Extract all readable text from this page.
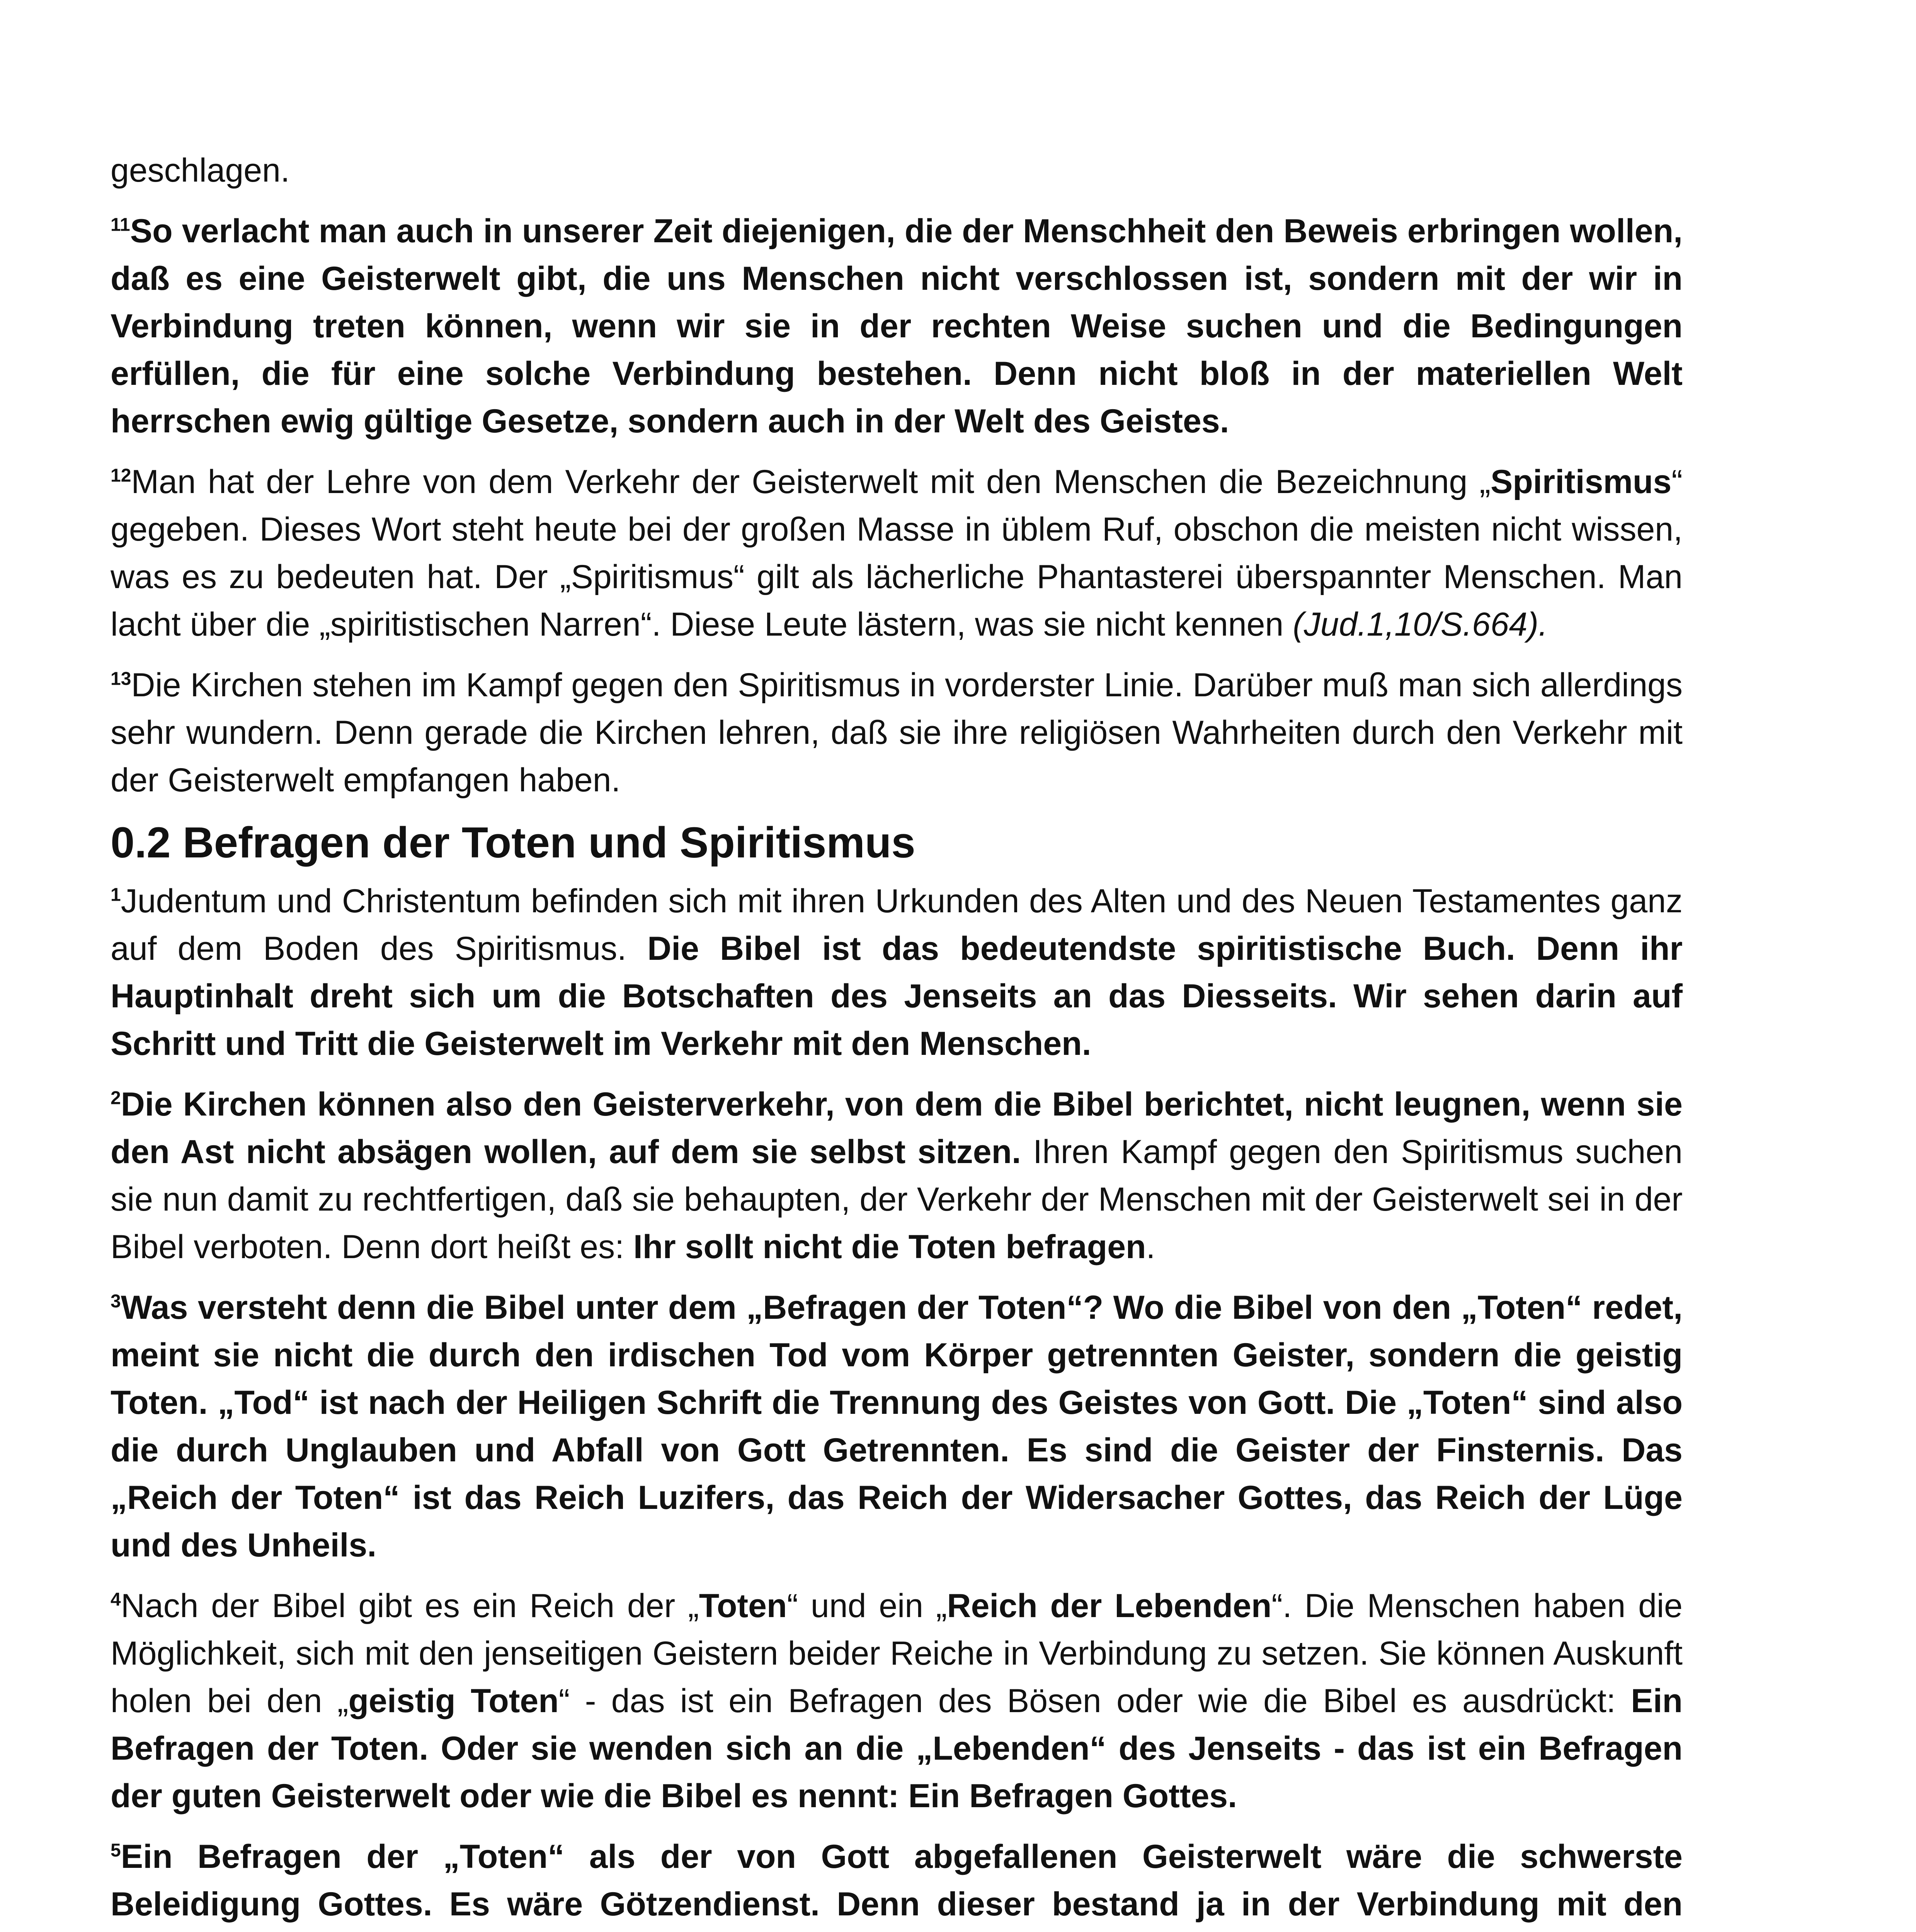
geschlagen.

$^{11}$So verlacht man auch in unserer Zeit diejenigen, die der Menschheit den Beweis erbringen wollen, daß es eine Geisterwelt gibt, die uns Menschen nicht verschlossen ist, sondern mit der wir in Verbindung treten können, wenn wir sie in der rechten Weise suchen und die Bedingungen erfüllen, die für eine solche Verbindung bestehen. Denn nicht bloß in der materiellen Welt herrschen ewig gültige Gesetze, sondern auch in der Welt des Geistes.

$^{12}$Man hat der Lehre von dem Verkehr der Geisterwelt mit den Menschen die Bezeichnung „Spiritismus“ gegeben. Dieses Wort steht heute bei der großen Masse in üblem Ruf, obschon die meisten nicht wissen, was es zu bedeuten hat. Der „Spiritismus“ gilt als lächerliche Phantasterei überspannter Menschen. Man lacht über die „spiritistischen Narren“. Diese Leute lästern, was sie nicht kennen (Jud.1,10/S.664).

$^{13}$Die Kirchen stehen im Kampf gegen den Spiritismus in vorderster Linie. Darüber muß man sich allerdings sehr wundern. Denn gerade die Kirchen lehren, daß sie ihre religiösen Wahrheiten durch den Verkehr mit der Geisterwelt empfangen haben.

0.2 Befragen der Toten und Spiritismus

$^1$Judentum und Christentum befinden sich mit ihren Urkunden des Alten und des Neuen Testamentes ganz auf dem Boden des Spiritismus. Die Bibel ist das bedeutendste spiritistische Buch. Denn ihr Hauptinhalt dreht sich um die Botschaften des Jenseits an das Diesseits. Wir sehen darin auf Schritt und Tritt die Geisterwelt im Verkehr mit den Menschen.

$^2$Die Kirchen können also den Geisterverkehr, von dem die Bibel berichtet, nicht leugnen, wenn sie den Ast nicht absägen wollen, auf dem sie selbst sitzen. Ihren Kampf gegen den Spiritismus suchen sie nun damit zu rechtfertigen, daß sie behaupten, der Verkehr der Menschen mit der Geisterwelt sei in der Bibel verboten. Denn dort heißt es: Ihr sollt nicht die Toten befragen.

$^3$Was versteht denn die Bibel unter dem „Befragen der Toten“? Wo die Bibel von den „Toten“ redet, meint sie nicht die durch den irdischen Tod vom Körper getrennten Geister, sondern die geistig Toten. „Tod“ ist nach der Heiligen Schrift die Trennung des Geistes von Gott. Die „Toten“ sind also die durch Unglauben und Abfall von Gott Getrennten. Es sind die Geister der Finsternis. Das „Reich der Toten“ ist das Reich Luzifers, das Reich der Widersacher Gottes, das Reich der Lüge und des Unheils.

$^4$Nach der Bibel gibt es ein Reich der „Toten“ und ein „Reich der Lebenden“. Die Menschen haben die Möglichkeit, sich mit den jenseitigen Geistern beider Reiche in Verbindung zu setzen. Sie können Auskunft holen bei den „geistig Toten“ - das ist ein Befragen des Bösen oder wie die Bibel es ausdrückt: Ein Befragen der Toten. Oder sie wenden sich an die „Lebenden“ des Jenseits - das ist ein Befragen der guten Geisterwelt oder wie die Bibel es nennt: Ein Befragen Gottes.

$^5$Ein Befragen der „Toten“ als der von Gott abgefallenen Geisterwelt wäre die schwerste Beleidigung Gottes. Es wäre Götzendienst. Denn dieser bestand ja in der Verbindung mit den
